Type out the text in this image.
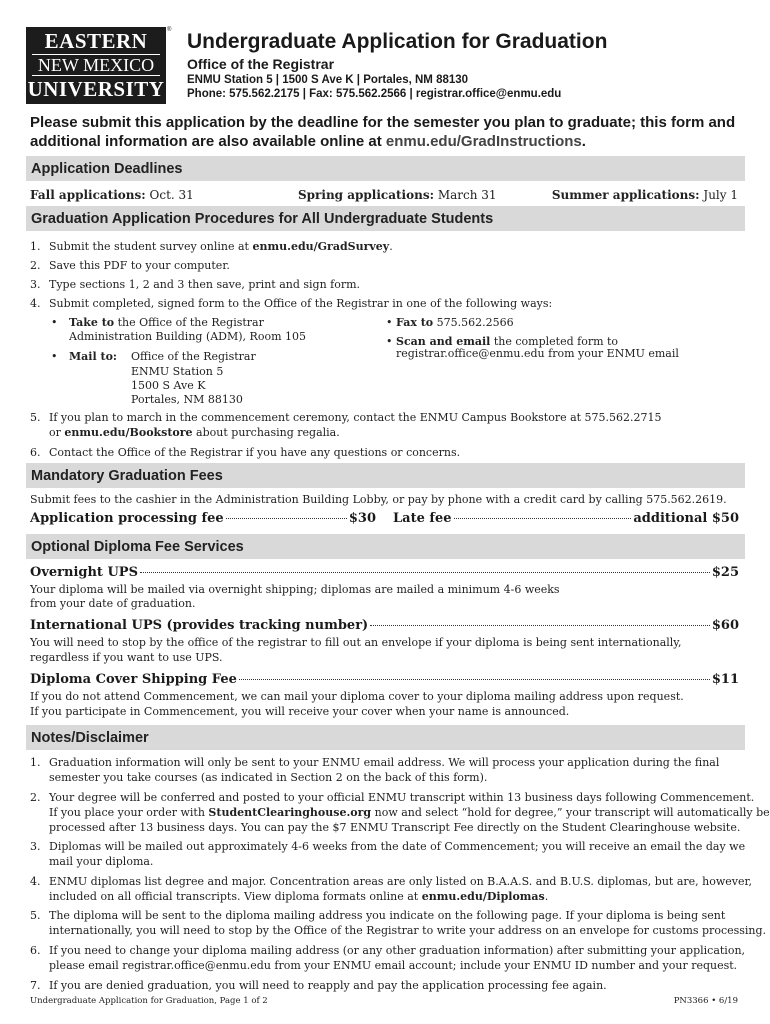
EASTERN
NEW MEXICO
UNIVERSITY
® Undergraduate Application for Graduation
Office of the Registrar
ENMU Station 5 | 1500 S Ave K | Portales, NM 88130
Phone: 575.562.2175 | Fax: 575.562.2566 | registrar.office@enmu.edu
Please submit this application by the deadline for the semester you plan to graduate; this form and additional information are also available online at enmu.edu/GradInstructions.
Application Deadlines
Fall applications: Oct. 31	Spring applications: March 31	Summer applications: July 1
Graduation Application Procedures for All Undergraduate Students
1. Submit the student survey online at enmu.edu/GradSurvey.
2. Save this PDF to your computer.
3. Type sections 1, 2 and 3 then save, print and sign form.
4. Submit completed, signed form to the Office of the Registrar in one of the following ways:
• Take to the Office of the Registrar
Administration Building (ADM), Room 105
• Mail to: Office of the Registrar
ENMU Station 5
1500 S Ave K
Portales, NM 88130
• Fax to 575.562.2566
• Scan and email the completed form to
registrar.office@enmu.edu from your ENMU email
5. If you plan to march in the commencement ceremony, contact the ENMU Campus Bookstore at 575.562.2715
or enmu.edu/Bookstore about purchasing regalia.
6. Contact the Office of the Registrar if you have any questions or concerns.
Mandatory Graduation Fees
Submit fees to the cashier in the Administration Building Lobby, or pay by phone with a credit card by calling 575.562.2619.
Application processing fee	$30 Late fee	additional $50
Optional Diploma Fee Services
Overnight UPS	$25
Your diploma will be mailed via overnight shipping; diplomas are mailed a minimum 4-6 weeks
from your date of graduation.
International UPS (provides tracking number)	$60
You will need to stop by the office of the registrar to fill out an envelope if your diploma is being sent internationally,
regardless if you want to use UPS.
Diploma Cover Shipping Fee	$11
If you do not attend Commencement, we can mail your diploma cover to your diploma mailing address upon request.
If you participate in Commencement, you will receive your cover when your name is announced.
Notes/Disclaimer
1. Graduation information will only be sent to your ENMU email address. We will process your application during the final
semester you take courses (as indicated in Section 2 on the back of this form).
2. Your degree will be conferred and posted to your official ENMU transcript within 13 business days following Commencement.
If you place your order with StudentClearinghouse.org now and select “hold for degree,” your transcript will automatically be
processed after 13 business days. You can pay the $7 ENMU Transcript Fee directly on the Student Clearinghouse website.
3. Diplomas will be mailed out approximately 4-6 weeks from the date of Commencement; you will receive an email the day we
mail your diploma.
4. ENMU diplomas list degree and major. Concentration areas are only listed on B.A.A.S. and B.U.S. diplomas, but are, however,
included on all official transcripts. View diploma formats online at enmu.edu/Diplomas.
5. The diploma will be sent to the diploma mailing address you indicate on the following page. If your diploma is being sent
internationally, you will need to stop by the Office of the Registrar to write your address on an envelope for customs processing.
6. If you need to change your diploma mailing address (or any other graduation information) after submitting your application,
please email registrar.office@enmu.edu from your ENMU email account; include your ENMU ID number and your request.
7. If you are denied graduation, you will need to reapply and pay the application processing fee again.
Undergraduate Application for Graduation, Page 1 of 2	PN3366 • 6/19
